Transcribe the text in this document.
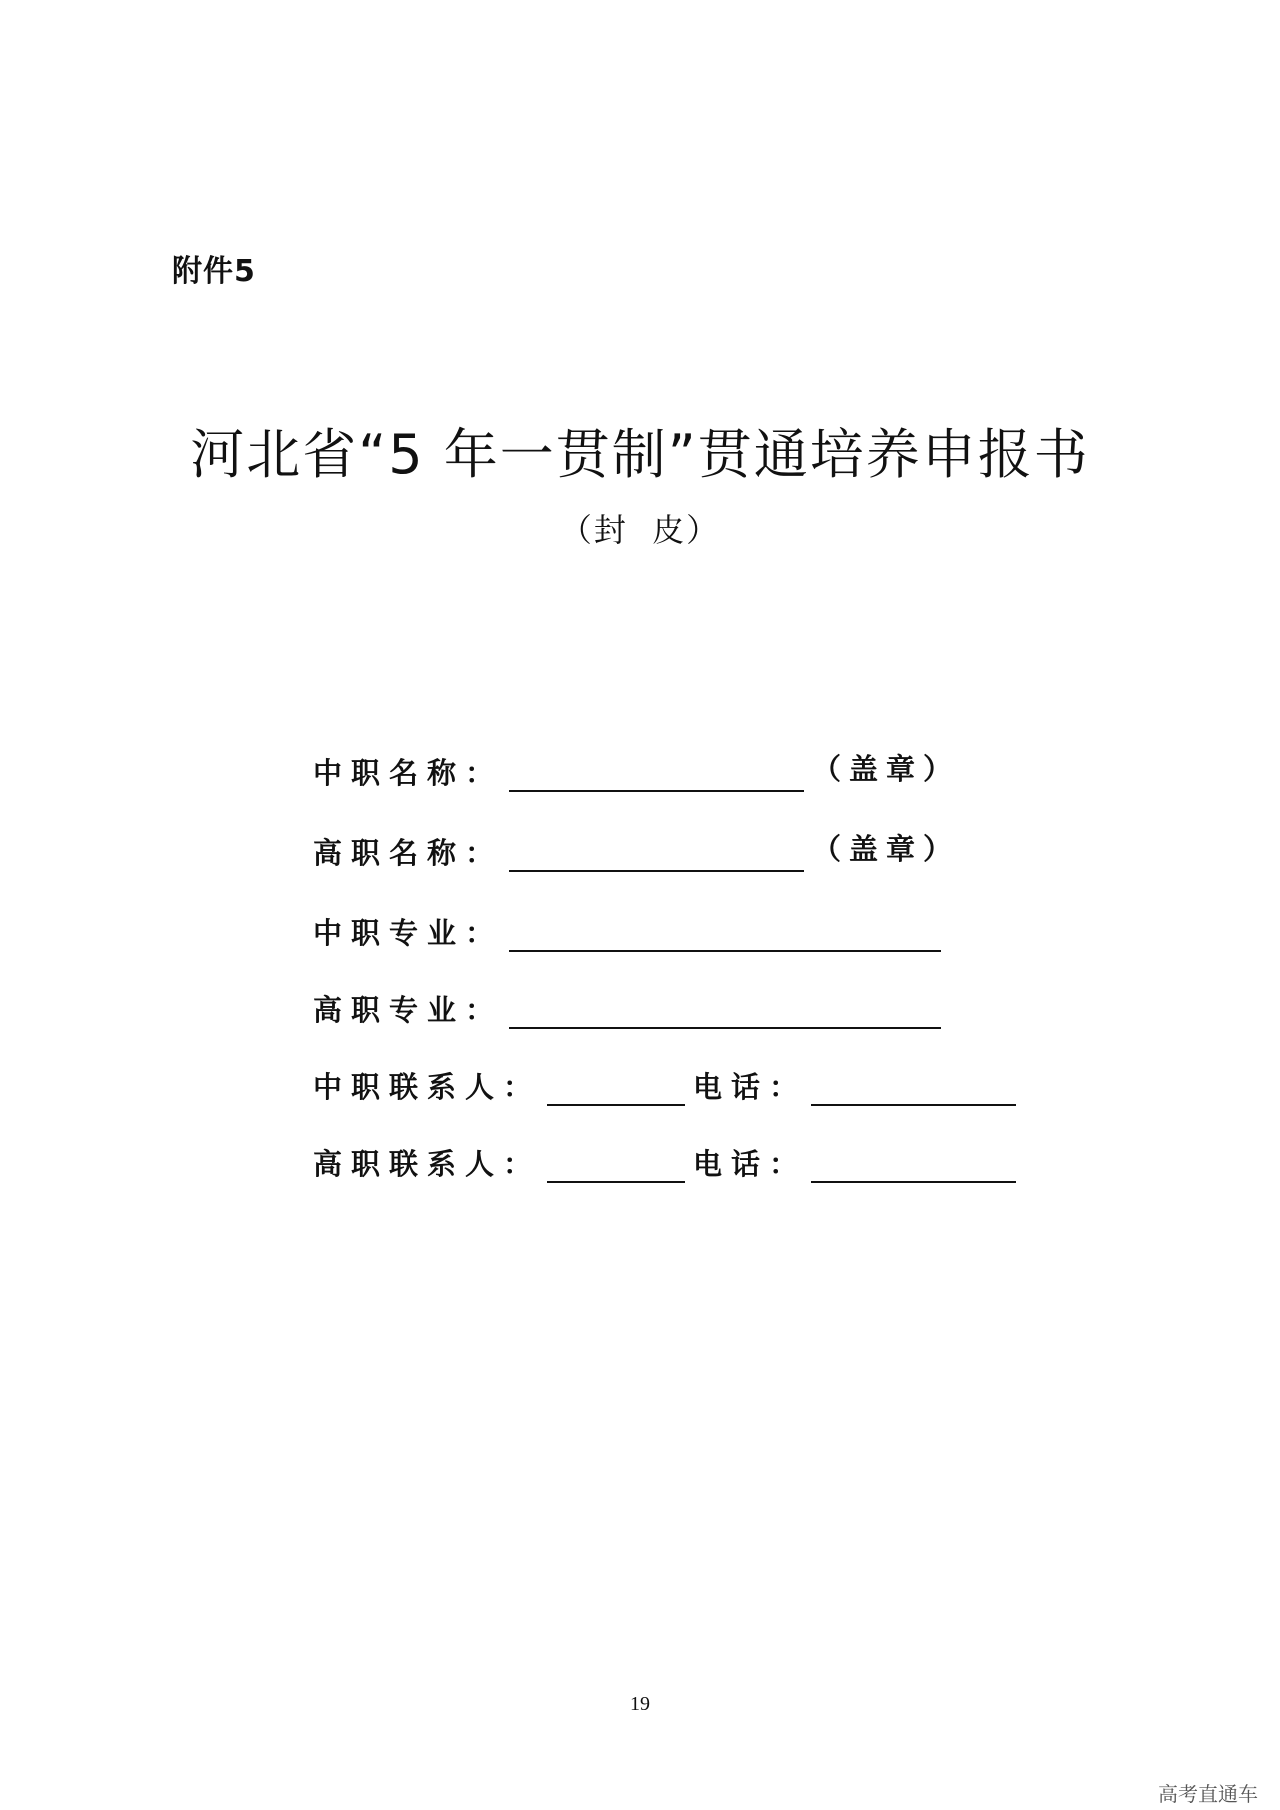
附件5
河北省“5 年一贯制”贯通培养申报书
（封  皮）
中职名称：	（盖章）
高职名称：	（盖章）
中职专业：
高职专业：
中职联系人：	电话：
高职联系人：	电话：
19
高考直通车
